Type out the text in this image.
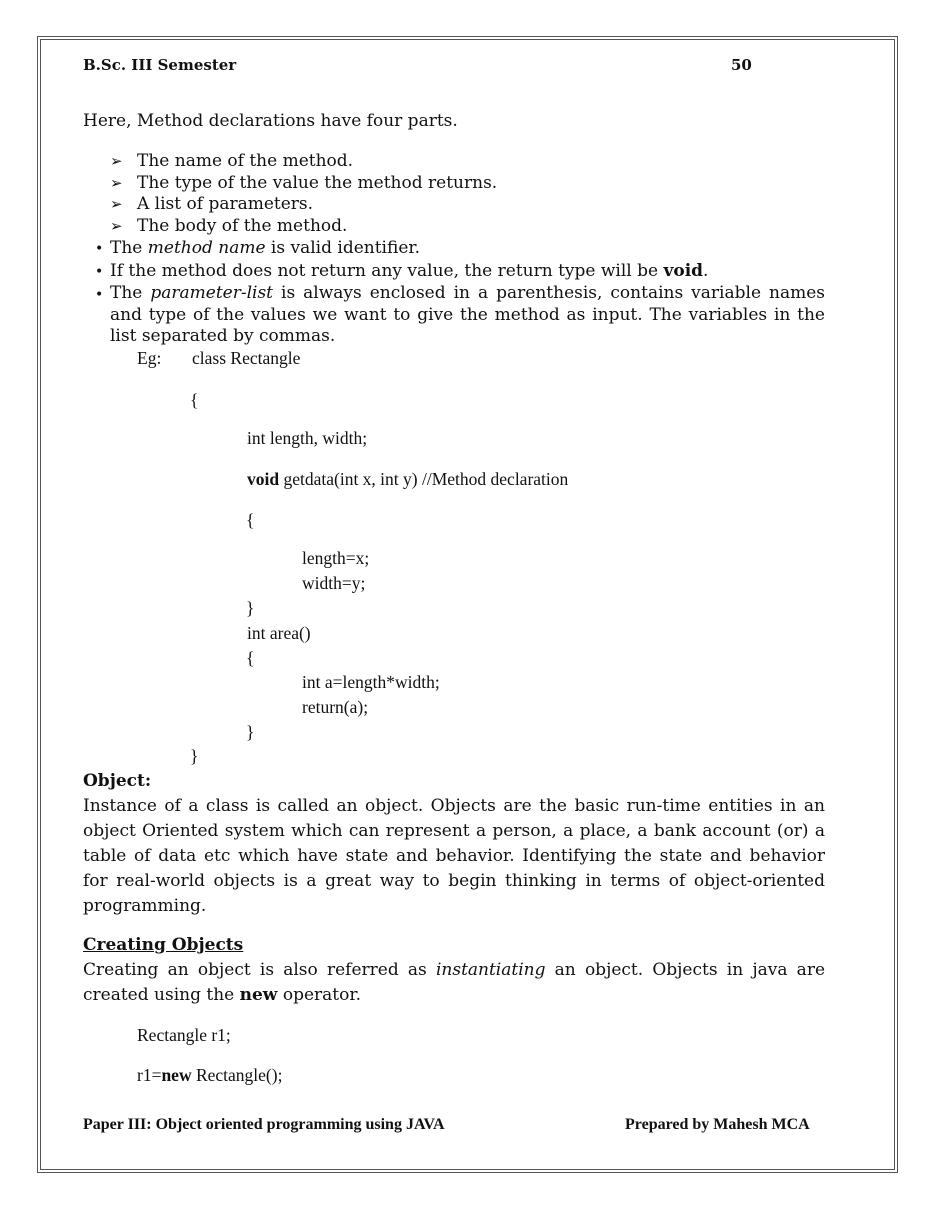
B.Sc. III Semester	50
Here, Method declarations have four parts.
➢ The name of the method.
➢ The type of the value the method returns.
➢ A list of parameters.
➢ The body of the method.
• The method name is valid identifier.
• If the method does not return any value, the return type will be void.
• The parameter-list is always enclosed in a parenthesis, contains variable names and type of the values we want to give the method as input. The variables in the list separated by commas.
Eg: class Rectangle
{
int length, width;
void getdata(int x, int y) //Method declaration
{
length=x;
width=y;
}
int area()
{
int a=length*width;
return(a);
}
}
Object:
Instance of a class is called an object. Objects are the basic run-time entities in an object Oriented system which can represent a person, a place, a bank account (or) a table of data etc which have state and behavior. Identifying the state and behavior for real-world objects is a great way to begin thinking in terms of object-oriented programming.
Creating Objects
Creating an object is also referred as instantiating an object. Objects in java are created using the new operator.
Rectangle r1;
r1=new Rectangle();
Paper III: Object oriented programming using JAVA	Prepared by Mahesh MCA
